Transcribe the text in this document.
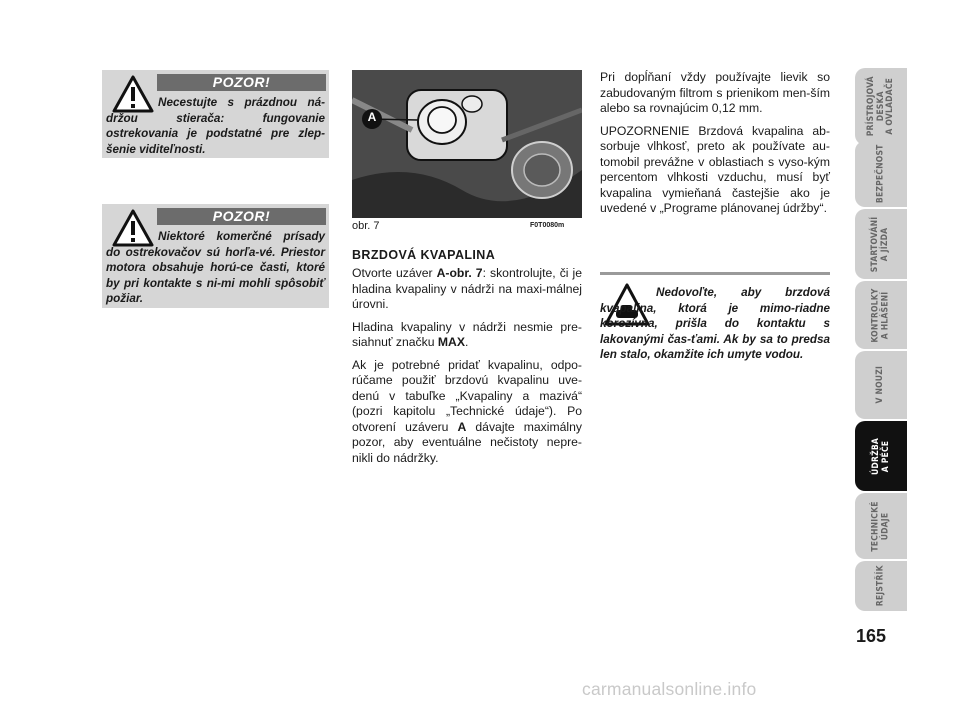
POZOR!
Necestujte s prázdnou ná-držou stierača: fungovanie ostrekovania je podstatné pre zlep-šenie viditeľnosti.
POZOR!
Niektoré komerčné prísady do ostrekovačov sú horľa-vé. Priestor motora obsahuje horú-ce časti, ktoré by pri kontakte s ni-mi mohli spôsobiť požiar.
A
obr. 7	F0T0080m
BRZDOVÁ KVAPALINA

Otvorte uzáver A-obr. 7: skontrolujte, či je hladina kvapaliny v nádrži na maxi-málnej úrovni.

Hladina kvapaliny v nádrži nesmie pre-siahnuť značku MAX.

Ak je potrebné pridať kvapalinu, odpo-rúčame použiť brzdovú kvapalinu uve-denú v tabuľke „Kvapaliny a mazivá“ (pozri kapitolu „Technické údaje“). Po otvorení uzáveru A dávajte maximálny pozor, aby eventuálne nečistoty nepre-nikli do nádržky.

Pri dopĺňaní vždy používajte lievik so zabudovaným filtrom s prienikom men-ším alebo sa rovnajúcim 0,12 mm.

UPOZORNENIE Brzdová kvapalina ab-sorbuje vlhkosť, preto ak používate au-tomobil prevážne v oblastiach s vyso-kým percentom vlhkosti vzduchu, musí byť kvapalina vymieňaná častejšie ako je uvedené v „Programe plánovanej údržby“.

Nedovoľte, aby brzdová kvapalina, ktorá je mimo-riadne korozívna, prišla do kontaktu s lakovanými čas-ťami. Ak by sa to predsa len stalo, okamžite ich umyte vodou.
PRÍSTROJOVÁ
DESKA
A OVLADAČE
BEZPEČNOST
STARTOVÁNÍ
A JÍZDA
KONTROLKY
A HLÁŠENÍ
V NOUZI
ÚDRŽBA
A PÉČE
TECHNICKÉ
ÚDAJE
REJSTŘÍK
165
carmanualsonline.info
